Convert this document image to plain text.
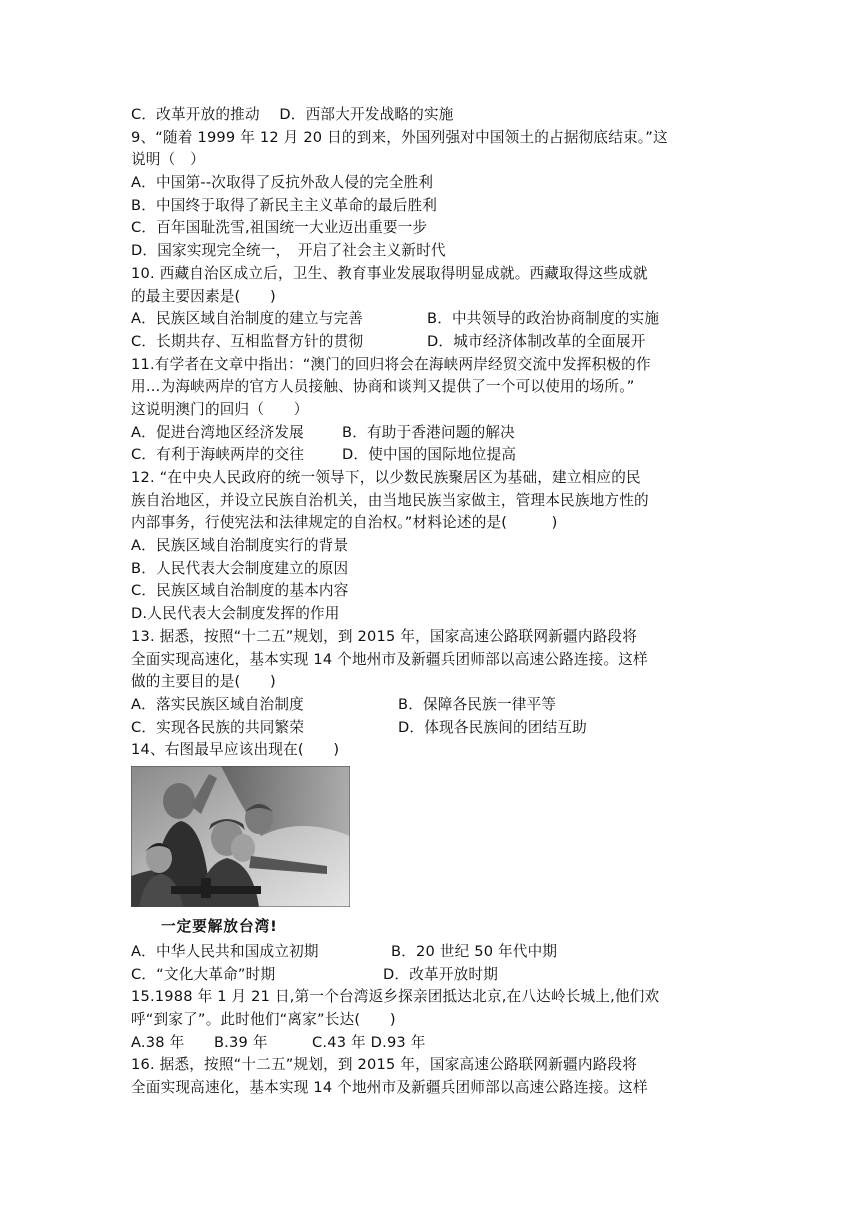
C．改革开放的推动 　D．西部大开发战略的实施
9、“随着 1999 年 12 月 20 日的到来，外国列强对中国领土的占据彻底结束。”这
说明（　）
A．中国第--次取得了反抗外敌人侵的完全胜利
B．中国终于取得了新民主主义革命的最后胜利
C．百年国耻洗雪,祖国统一大业迈出重要一步
D．国家实现完全统一，　开启了社会主义新时代
10. 西藏自治区成立后，卫生、教育事业发展取得明显成就。西藏取得这些成就
的最主要因素是(　　)
A．民族区域自治制度的建立与完善	B．中共领导的政治协商制度的实施
C．长期共存、互相监督方针的贯彻	D．城市经济体制改革的全面展开
11.有学者在文章中指出：“澳门的回归将会在海峡两岸经贸交流中发挥积极的作
用…为海峡两岸的官方人员接触、协商和谈判又提供了一个可以使用的场所。”
这说明澳门的回归（　　）
A．促进台湾地区经济发展	B．有助于香港问题的解决
C．有利于海峡两岸的交往	D．使中国的国际地位提高
12. “在中央人民政府的统一领导下，以少数民族聚居区为基础，建立相应的民
族自治地区，并设立民族自治机关，由当地民族当家做主，管理本民族地方性的
内部事务，行使宪法和法律规定的自治权。”材料论述的是(　　　)
A．民族区域自治制度实行的背景
B．人民代表大会制度建立的原因
C．民族区域自治制度的基本内容
D.人民代表大会制度发挥的作用
13. 据悉，按照“十二五”规划，到 2015 年，国家高速公路联网新疆内路段将
全面实现高速化，基本实现 14 个地州市及新疆兵团师部以高速公路连接。这样
做的主要目的是(　　)
A．落实民族区域自治制度	B．保障各民族一律平等
C．实现各民族的共同繁荣	D．体现各民族间的团结互助
14、右图最早应该出现在(　　)
一定要解放台湾!
A．中华人民共和国成立初期	B．20 世纪 50 年代中期
C．“文化大革命”时期	D．改革开放时期
15.1988 年 1 月 21 日,第一个台湾返乡探亲团抵达北京,在八达岭长城上,他们欢
呼“到家了”。此时他们“离家”长达(　　)
A.38 年　　B.39 年　　　C.43 年 D.93 年
16. 据悉，按照“十二五”规划，到 2015 年，国家高速公路联网新疆内路段将
全面实现高速化，基本实现 14 个地州市及新疆兵团师部以高速公路连接。这样
